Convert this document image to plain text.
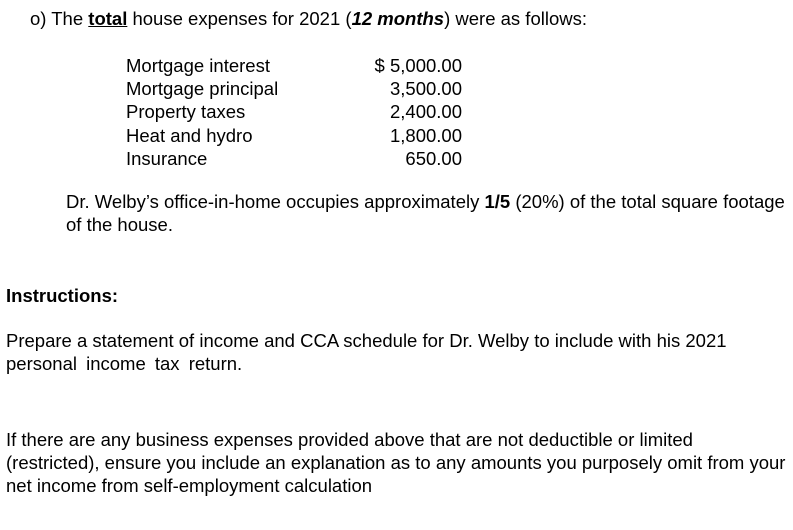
o) The total house expenses for 2021 (12 months) were as follows:
Mortgage interest	$ 5,000.00
Mortgage principal	3,500.00
Property taxes	2,400.00
Heat and hydro	1,800.00
Insurance	650.00
Dr. Welby’s office-in-home occupies approximately 1/5 (20%) of the total square footage of the house.
Instructions:
Prepare a statement of income and CCA schedule for Dr. Welby to include with his 2021
personal income tax return.
If there are any business expenses provided above that are not deductible or limited (restricted), ensure you include an explanation as to any amounts you purposely omit from your net income from self-employment calculation
